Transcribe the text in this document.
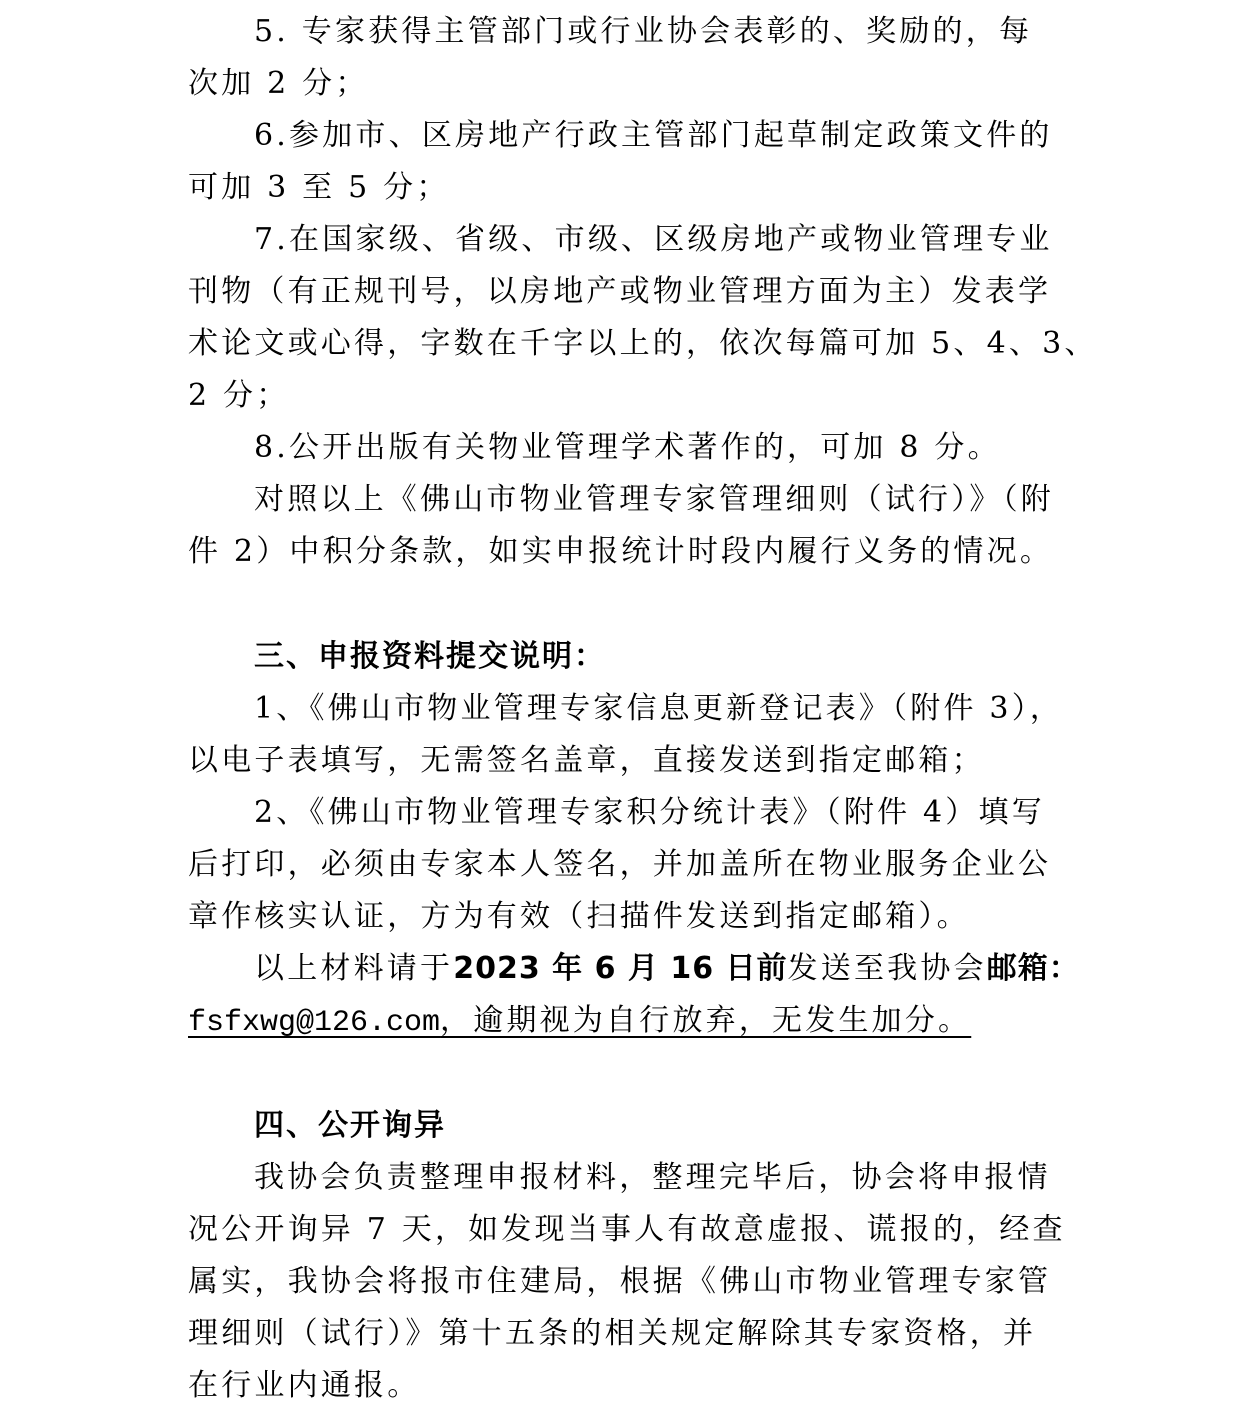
5. 专家获得主管部门或行业协会表彰的、奖励的，每
次加 2 分；
6.参加市、区房地产行政主管部门起草制定政策文件的
可加 3 至 5 分；
7.在国家级、省级、市级、区级房地产或物业管理专业
刊物（有正规刊号，以房地产或物业管理方面为主）发表学
术论文或心得，字数在千字以上的，依次每篇可加 5、4、3、
2 分；
8.公开出版有关物业管理学术著作的，可加 8 分。
对照以上《佛山市物业管理专家管理细则（试行）》（附
件 2）中积分条款，如实申报统计时段内履行义务的情况。
三、申报资料提交说明：
1、《佛山市物业管理专家信息更新登记表》（附件 3），
以电子表填写，无需签名盖章，直接发送到指定邮箱；
2、《佛山市物业管理专家积分统计表》（附件 4）填写
后打印，必须由专家本人签名，并加盖所在物业服务企业公
章作核实认证，方为有效（扫描件发送到指定邮箱）。
以上材料请于2023 年 6 月 16 日前发送至我协会邮箱：
fsfxwg@126.com，逾期视为自行放弃，无发生加分。
四、公开询异
我协会负责整理申报材料，整理完毕后，协会将申报情
况公开询异 7 天，如发现当事人有故意虚报、谎报的，经查
属实，我协会将报市住建局，根据《佛山市物业管理专家管
理细则（试行）》第十五条的相关规定解除其专家资格，并
在行业内通报。
